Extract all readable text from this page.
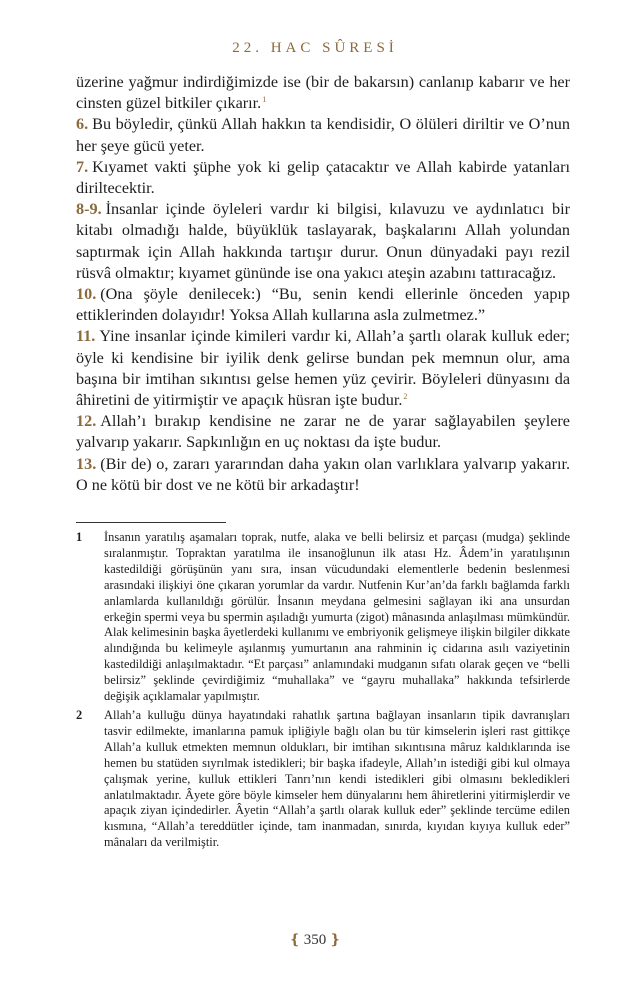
22. HAC SÛRESİ

üzerine yağmur indirdiğimizde ise (bir de bakarsın) canlanıp kabarır ve her cinsten güzel bitkiler çıkarır.$^1$

6. Bu böyledir, çünkü Allah hakkın ta kendisidir, O ölüleri diriltir ve O’nun her şeye gücü yeter.

7. Kıyamet vakti şüphe yok ki gelip çatacaktır ve Allah kabirde yatanları diriltecektir.

8-9. İnsanlar içinde öyleleri vardır ki bilgisi, kılavuzu ve aydınlatıcı bir kitabı olmadığı halde, büyüklük taslayarak, başkalarını Allah yolundan saptırmak için Allah hakkında tartışır durur. Onun dünyadaki payı rezil rüsvâ olmaktır; kıyamet gününde ise ona yakıcı ateşin azabını tattıracağız.

10. (Ona şöyle denilecek:) “Bu, senin kendi ellerinle önceden yapıp ettiklerinden dolayıdır! Yoksa Allah kullarına asla zulmetmez.”

11. Yine insanlar içinde kimileri vardır ki, Allah’a şartlı olarak kulluk eder; öyle ki kendisine bir iyilik denk gelirse bundan pek memnun olur, ama başına bir imtihan sıkıntısı gelse hemen yüz çevirir. Böyleleri dünyasını da âhiretini de yitirmiştir ve apaçık hüsran işte budur.$^2$

12. Allah’ı bırakıp kendisine ne zarar ne de yarar sağlayabilen şeylere yalvarıp yakarır. Sapkınlığın en uç noktası da işte budur.

13. (Bir de) o, zararı yararından daha yakın olan varlıklara yalvarıp yakarır. O ne kötü bir dost ve ne kötü bir arkadaştır!

1	İnsanın yaratılış aşamaları toprak, nutfe, alaka ve belli belirsiz et parçası (mudga) şeklinde sıralanmıştır. Topraktan yaratılma ile insanoğlunun ilk atası Hz. Âdem’in yaratılışının kastedildiği görüşünün yanı sıra, insan vücudundaki elementlerle bedenin beslenmesi arasındaki ilişkiyi öne çıkaran yorumlar da vardır. Nutfenin Kur’an’da farklı bağlamda farklı anlamlarda kullanıldığı görülür. İnsanın meydana gelmesini sağlayan iki ana unsurdan erkeğin spermi veya bu spermin aşıladığı yumurta (zigot) mânasında anlaşılması mümkündür. Alak kelimesinin başka âyetlerdeki kullanımı ve embriyonik gelişmeye ilişkin bilgiler dikkate alındığında bu kelimeyle aşılanmış yumurtanın ana rahminin iç cidarına asılı vaziyetinin kastedildiği anlaşılmaktadır. “Et parçası” anlamındaki mudganın sıfatı olarak geçen ve “belli belirsiz” şeklinde çevirdiğimiz “muhallaka” ve “gayru muhallaka” hakkında tefsirlerde değişik açıklamalar yapılmıştır.
2	Allah’a kulluğu dünya hayatındaki rahatlık şartına bağlayan insanların tipik davranışları tasvir edilmekte, imanlarına pamuk ipliğiyle bağlı olan bu tür kimselerin işleri rast gittikçe Allah’a kulluk etmekten memnun oldukları, bir imtihan sıkıntısına mâruz kaldıklarında ise hemen bu statüden sıyrılmak istedikleri; bir başka ifadeyle, Allah’ın istediği gibi kul olmaya çalışmak yerine, kulluk ettikleri Tanrı’nın kendi istedikleri gibi olmasını bekledikleri anlatılmaktadır. Âyete göre böyle kimseler hem dünyalarını hem âhiretlerini yitirmişlerdir ve apaçık ziyan içindedirler. Âyetin “Allah’a şartlı olarak kulluk eder” şeklinde tercüme edilen kısmına, “Allah’a tereddütler içinde, tam inanmadan, sınırda, kıyıdan kıyıya kulluk eder” mânaları da verilmiştir.
❴ 350 ❵
